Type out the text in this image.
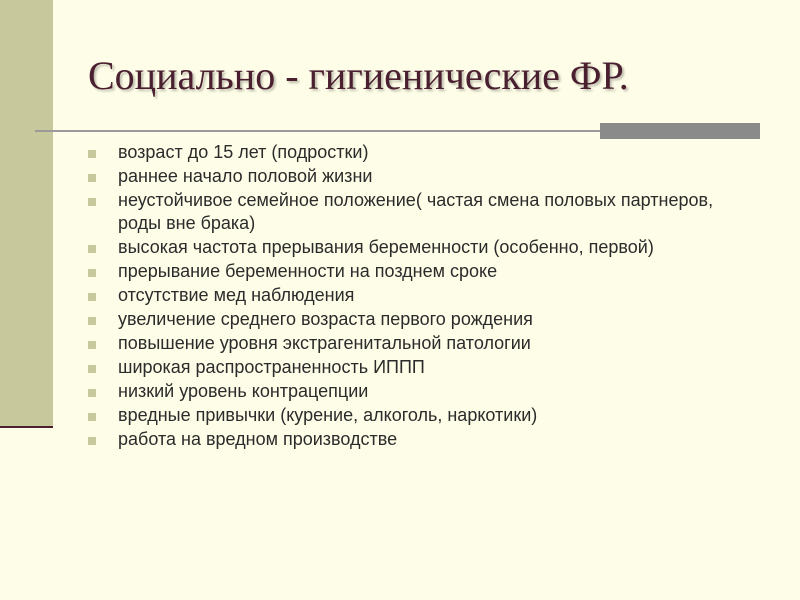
Социально - гигиенические ФР.
возраст до 15 лет (подростки)
раннее начало половой жизни
неустойчивое семейное положение( частая смена половых партнеров, роды вне брака)
высокая частота прерывания беременности (особенно, первой)
прерывание беременности на позднем сроке
отсутствие мед наблюдения
увеличение среднего возраста первого рождения
повышение уровня экстрагенитальной патологии
широкая распространенность ИППП
низкий уровень контрацепции
вредные привычки (курение, алкоголь, наркотики)
работа на вредном производстве
